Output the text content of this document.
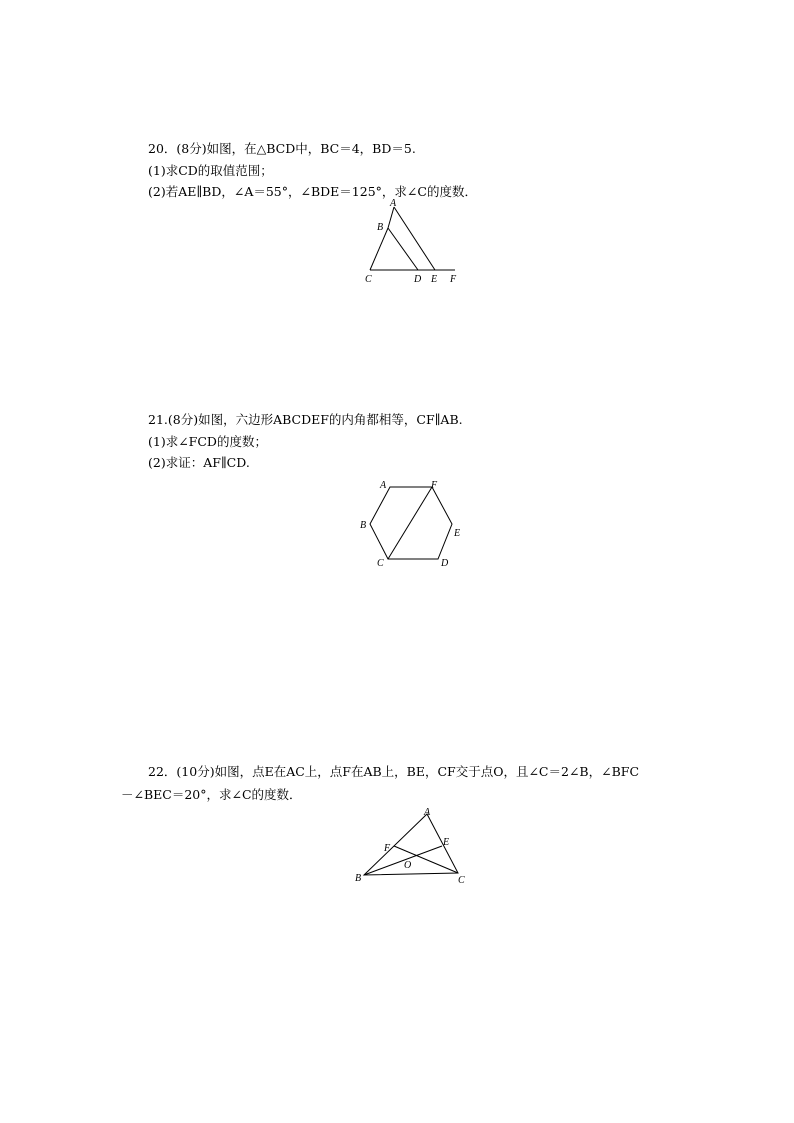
20．(8分)如图，在△BCD中，BC＝4，BD＝5.
(1)求CD的取值范围；
(2)若AE∥BD，∠A＝55°，∠BDE＝125°，求∠C的度数．
A
B
C	D E F
21.(8分)如图，六边形ABCDEF的内角都相等，CF∥AB.
(1)求∠FCD的度数；
(2)求证：AF∥CD.
A
B
C	D
E
F
22．(10分)如图，点E在AC上，点F在AB上，BE，CF交于点O，且∠C＝2∠B，∠BFC
－∠BEC＝20°，求∠C的度数．
A
B	C
E
F
O
